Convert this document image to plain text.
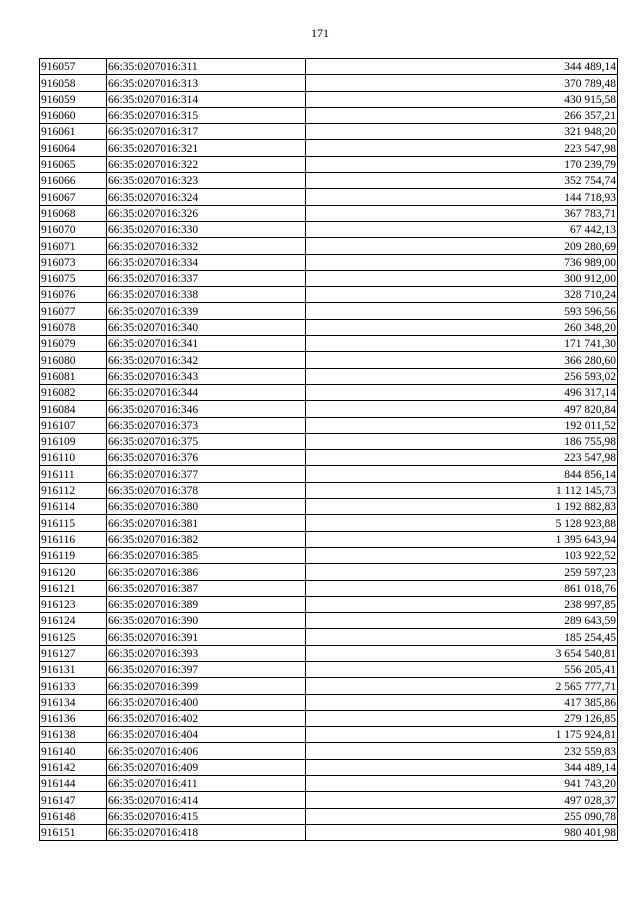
171
916057	66:35:0207016:311	344 489,14
916058	66:35:0207016:313	370 789,48
916059	66:35:0207016:314	430 915,58
916060	66:35:0207016:315	266 357,21
916061	66:35:0207016:317	321 948,20
916064	66:35:0207016:321	223 547,98
916065	66:35:0207016:322	170 239,79
916066	66:35:0207016:323	352 754,74
916067	66:35:0207016:324	144 718,93
916068	66:35:0207016:326	367 783,71
916070	66:35:0207016:330	67 442,13
916071	66:35:0207016:332	209 280,69
916073	66:35:0207016:334	736 989,00
916075	66:35:0207016:337	300 912,00
916076	66:35:0207016:338	328 710,24
916077	66:35:0207016:339	593 596,56
916078	66:35:0207016:340	260 348,20
916079	66:35:0207016:341	171 741,30
916080	66:35:0207016:342	366 280,60
916081	66:35:0207016:343	256 593,02
916082	66:35:0207016:344	496 317,14
916084	66:35:0207016:346	497 820,84
916107	66:35:0207016:373	192 011,52
916109	66:35:0207016:375	186 755,98
916110	66:35:0207016:376	223 547,98
916111	66:35:0207016:377	844 856,14
916112	66:35:0207016:378	1 112 145,73
916114	66:35:0207016:380	1 192 882,83
916115	66:35:0207016:381	5 128 923,88
916116	66:35:0207016:382	1 395 643,94
916119	66:35:0207016:385	103 922,52
916120	66:35:0207016:386	259 597,23
916121	66:35:0207016:387	861 018,76
916123	66:35:0207016:389	238 997,85
916124	66:35:0207016:390	289 643,59
916125	66:35:0207016:391	185 254,45
916127	66:35:0207016:393	3 654 540,81
916131	66:35:0207016:397	556 205,41
916133	66:35:0207016:399	2 565 777,71
916134	66:35:0207016:400	417 385,86
916136	66:35:0207016:402	279 126,85
916138	66:35:0207016:404	1 175 924,81
916140	66:35:0207016:406	232 559,83
916142	66:35:0207016:409	344 489,14
916144	66:35:0207016:411	941 743,20
916147	66:35:0207016:414	497 028,37
916148	66:35:0207016:415	255 090,78
916151	66:35:0207016:418	980 401,98
